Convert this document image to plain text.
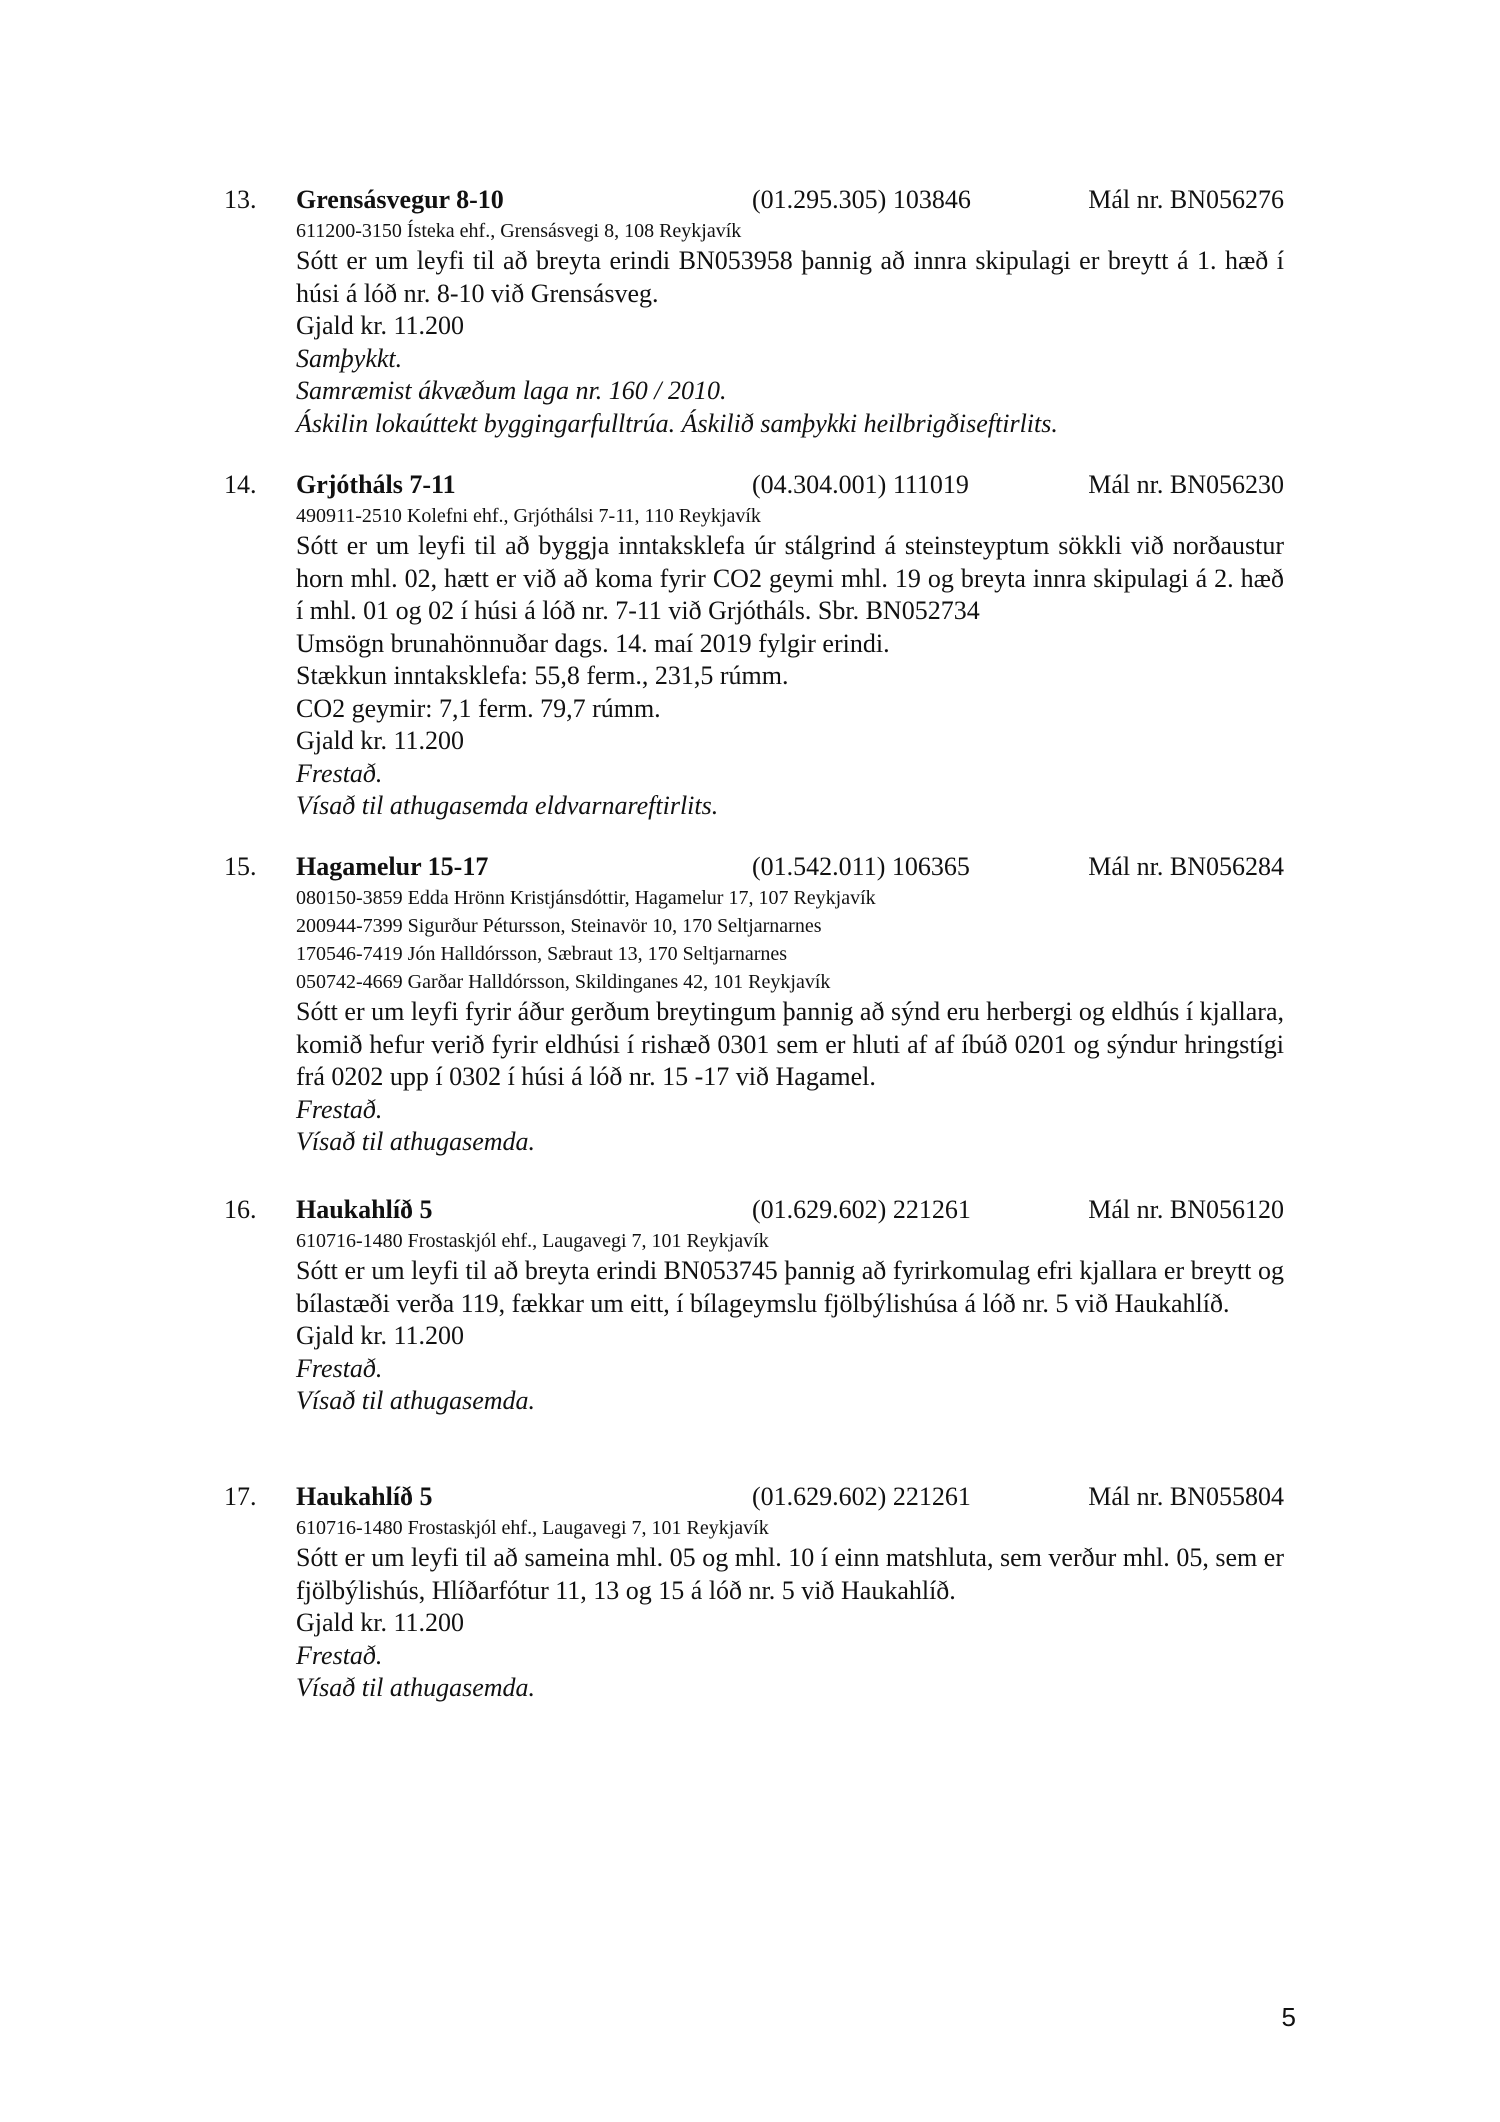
13. Grensásvegur 8-10	(01.295.305) 103846	Mál nr. BN056276
611200-3150 Ísteka ehf., Grensásvegi 8, 108 Reykjavík
Sótt er um leyfi til að breyta erindi BN053958 þannig að innra skipulagi er breytt á 1. hæð í húsi á lóð nr. 8-10 við Grensásveg.
Gjald kr. 11.200
Samþykkt.
Samræmist ákvæðum laga nr. 160 / 2010.
Áskilin lokaúttekt byggingarfulltrúa. Áskilið samþykki heilbrigðiseftirlits.
14. Grjótháls 7-11	(04.304.001) 111019	Mál nr. BN056230
490911-2510 Kolefni ehf., Grjóthálsi 7-11, 110 Reykjavík
Sótt er um leyfi til að byggja inntaksklefa úr stálgrind á steinsteyptum sökkli við norðaustur horn mhl. 02, hætt er við að koma fyrir CO2 geymi mhl. 19 og breyta innra skipulagi á 2. hæð í mhl. 01 og 02 í húsi á lóð nr. 7-11 við Grjótháls. Sbr. BN052734
Umsögn brunahönnuðar dags. 14. maí 2019 fylgir erindi.
Stækkun inntaksklefa: 55,8 ferm., 231,5 rúmm.
CO2 geymir: 7,1 ferm. 79,7 rúmm.
Gjald kr. 11.200
Frestað.
Vísað til athugasemda eldvarnareftirlits.
15. Hagamelur 15-17	(01.542.011) 106365	Mál nr. BN056284
080150-3859 Edda Hrönn Kristjánsdóttir, Hagamelur 17, 107 Reykjavík
200944-7399 Sigurður Pétursson, Steinavör 10, 170 Seltjarnarnes
170546-7419 Jón Halldórsson, Sæbraut 13, 170 Seltjarnarnes
050742-4669 Garðar Halldórsson, Skildinganes 42, 101 Reykjavík
Sótt er um leyfi fyrir áður gerðum breytingum þannig að sýnd eru herbergi og eldhús í kjallara, komið hefur verið fyrir eldhúsi í rishæð 0301 sem er hluti af af íbúð 0201 og sýndur hringstígi frá 0202 upp í 0302 í húsi á lóð nr. 15 -17 við Hagamel.
Frestað.
Vísað til athugasemda.
16. Haukahlíð 5	(01.629.602) 221261	Mál nr. BN056120
610716-1480 Frostaskjól ehf., Laugavegi 7, 101 Reykjavík
Sótt er um leyfi til að breyta erindi BN053745 þannig að fyrirkomulag efri kjallara er breytt og bílastæði verða 119, fækkar um eitt, í bílageymslu fjölbýlishúsa á lóð nr. 5 við Haukahlíð.
Gjald kr. 11.200
Frestað.
Vísað til athugasemda.
17. Haukahlíð 5	(01.629.602) 221261	Mál nr. BN055804
610716-1480 Frostaskjól ehf., Laugavegi 7, 101 Reykjavík
Sótt er um leyfi til að sameina mhl. 05 og mhl. 10 í einn matshluta, sem verður mhl. 05, sem er fjölbýlishús, Hlíðarfótur 11, 13 og 15 á lóð nr. 5 við Haukahlíð.
Gjald kr. 11.200
Frestað.
Vísað til athugasemda.
5
